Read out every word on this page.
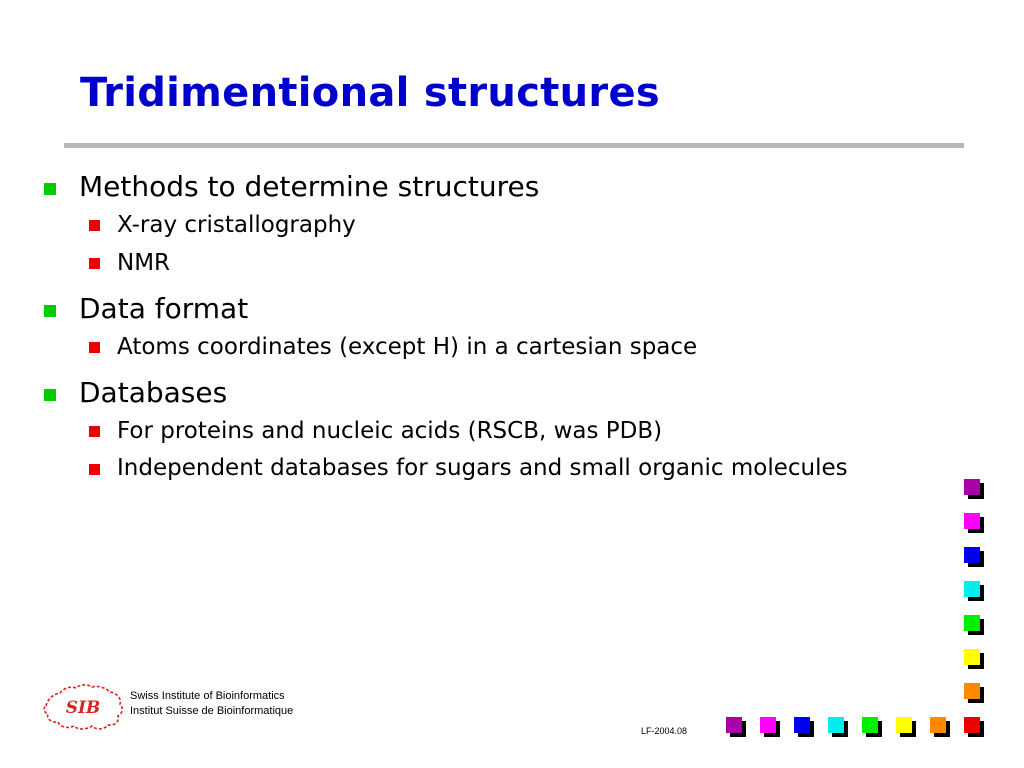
Tridimentional structures
Methods to determine structures
X-ray cristallography
NMR
Data format
Atoms coordinates (except H) in a cartesian space
Databases
For proteins and nucleic acids (RSCB, was PDB)
Independent databases for sugars and small organic molecules
SIB
Swiss Institute of Bioinformatics
Institut Suisse de Bioinformatique
LF-2004.08
